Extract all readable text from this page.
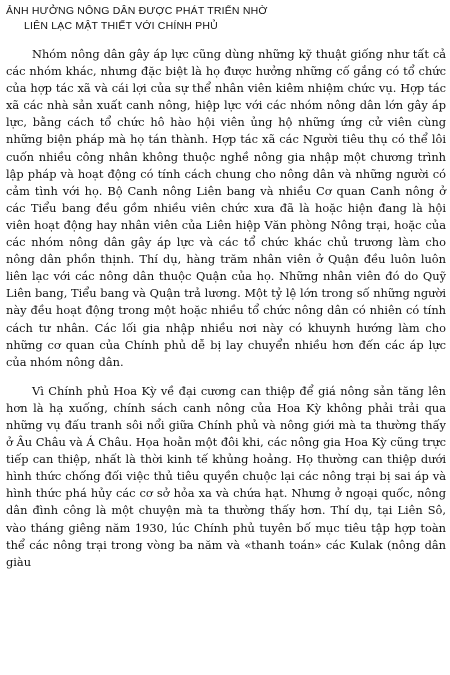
ẢNH HƯỞNG NÔNG DÂN ĐƯỢC PHÁT TRIỂN NHỜ
LIÊN LẠC MẬT THIẾT VỚI CHÍNH PHỦ

Nhóm nông dân gây áp lực cũng dùng những kỹ thuật giống như tất cả các nhóm khác, nhưng đặc biệt là họ được hưởng những cố gắng có tổ chức của hợp tác xã và cái lợi của sự thể nhân viên kiêm nhiệm chức vụ. Hợp tác xã các nhà sản xuất canh nông, hiệp lực với các nhóm nông dân lớn gây áp lực, bằng cách tổ chức hô hào hội viên ủng hộ những ứng cử viên cùng những biện pháp mà họ tán thành. Hợp tác xã các Người tiêu thụ có thể lôi cuốn nhiều công nhân không thuộc nghề nông gia nhập một chương trình lập pháp và hoạt động có tính cách chung cho nông dân và những người có cảm tình với họ. Bộ Canh nông Liên bang và nhiều Cơ quan Canh nông ở các Tiểu bang đều gồm nhiều viên chức xưa đã là hoặc hiện đang là hội viên hoạt động hay nhân viên của Liên hiệp Văn phòng Nông trại, hoặc của các nhóm nông dân gây áp lực và các tổ chức khác chủ trương làm cho nông dân phồn thịnh. Thí dụ, hàng trăm nhân viên ở Quận đều luôn luôn liên lạc với các nông dân thuộc Quận của họ. Những nhân viên đó do Quỹ Liên bang, Tiểu bang và Quận trả lương. Một tỷ lệ lớn trong số những người này đều hoạt động trong một hoặc nhiều tổ chức nông dân có nhiên có tính cách tư nhân. Các lối gia nhập nhiều nơi này có khuynh hướng làm cho những cơ quan của Chính phủ dễ bị lay chuyển nhiều hơn đến các áp lực của nhóm nông dân.

Vì Chính phủ Hoa Kỳ về đại cương can thiệp để giá nông sản tăng lên hơn là hạ xuống, chính sách canh nông của Hoa Kỳ không phải trải qua những vụ đấu tranh sôi nổi giữa Chính phủ và nông giới mà ta thường thấy ở Âu Châu và Á Châu. Họa hoằn một đôi khi, các nông gia Hoa Kỳ cũng trực tiếp can thiệp, nhất là thời kinh tế khủng hoảng. Họ thường can thiệp dưới hình thức chống đối việc thủ tiêu quyền chuộc lại các nông trại bị sai áp và hình thức phá hủy các cơ sở hỏa xa và chứa hạt. Nhưng ở ngoại quốc, nông dân đình công là một chuyện mà ta thường thấy hơn. Thí dụ, tại Liên Sô, vào tháng giêng năm 1930, lúc Chính phủ tuyên bố mục tiêu tập hợp toàn thể các nông trại trong vòng ba năm và «thanh toán» các Kulak (nông dân giàu
